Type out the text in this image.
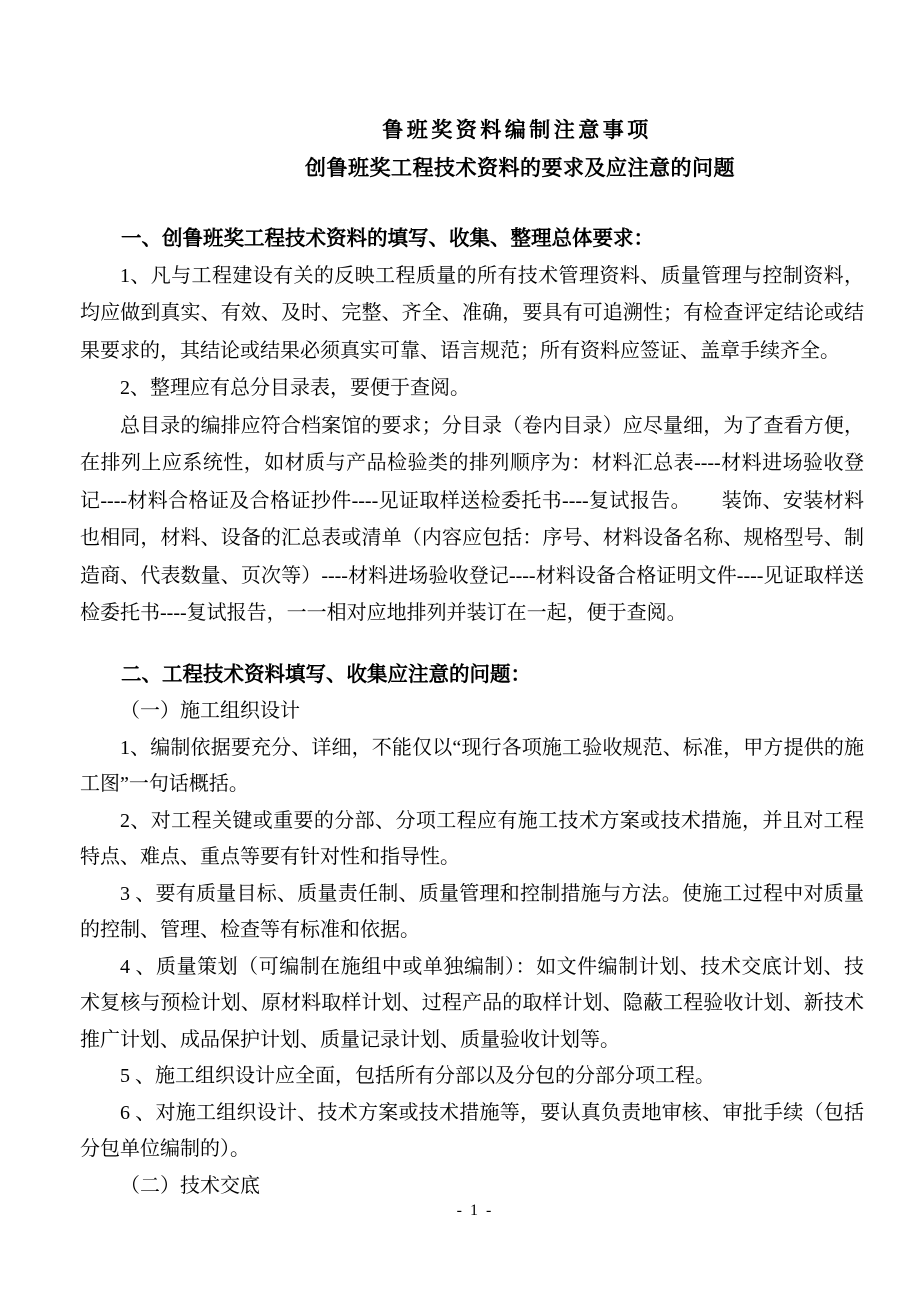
鲁班奖资料编制注意事项
创鲁班奖工程技术资料的要求及应注意的问题
一、创鲁班奖工程技术资料的填写、收集、整理总体要求：

1、凡与工程建设有关的反映工程质量的所有技术管理资料、质量管理与控制资料，均应做到真实、有效、及时、完整、齐全、准确，要具有可追溯性；有检查评定结论或结果要求的，其结论或结果必须真实可靠、语言规范；所有资料应签证、盖章手续齐全。

2、整理应有总分目录表，要便于查阅。

总目录的编排应符合档案馆的要求；分目录（卷内目录）应尽量细，为了查看方便，在排列上应系统性，如材质与产品检验类的排列顺序为：材料汇总表----材料进场验收登记----材料合格证及合格证抄件----见证取样送检委托书----复试报告。　　装饰、安装材料也相同，材料、设备的汇总表或清单（内容应包括：序号、材料设备名称、规格型号、制造商、代表数量、页次等）----材料进场验收登记----材料设备合格证明文件----见证取样送检委托书----复试报告，一一相对应地排列并装订在一起，便于查阅。

二、工程技术资料填写、收集应注意的问题：

（一）施工组织设计

1、编制依据要充分、详细，不能仅以“现行各项施工验收规范、标准，甲方提供的施工图”一句话概括。

2、对工程关键或重要的分部、分项工程应有施工技术方案或技术措施，并且对工程特点、难点、重点等要有针对性和指导性。

3 、要有质量目标、质量责任制、质量管理和控制措施与方法。使施工过程中对质量的控制、管理、检查等有标准和依据。

4 、质量策划（可编制在施组中或单独编制）：如文件编制计划、技术交底计划、技术复核与预检计划、原材料取样计划、过程产品的取样计划、隐蔽工程验收计划、新技术推广计划、成品保护计划、质量记录计划、质量验收计划等。

5 、施工组织设计应全面，包括所有分部以及分包的分部分项工程。

6 、对施工组织设计、技术方案或技术措施等，要认真负责地审核、审批手续（包括分包单位编制的）。

（二）技术交底

- 1 -
